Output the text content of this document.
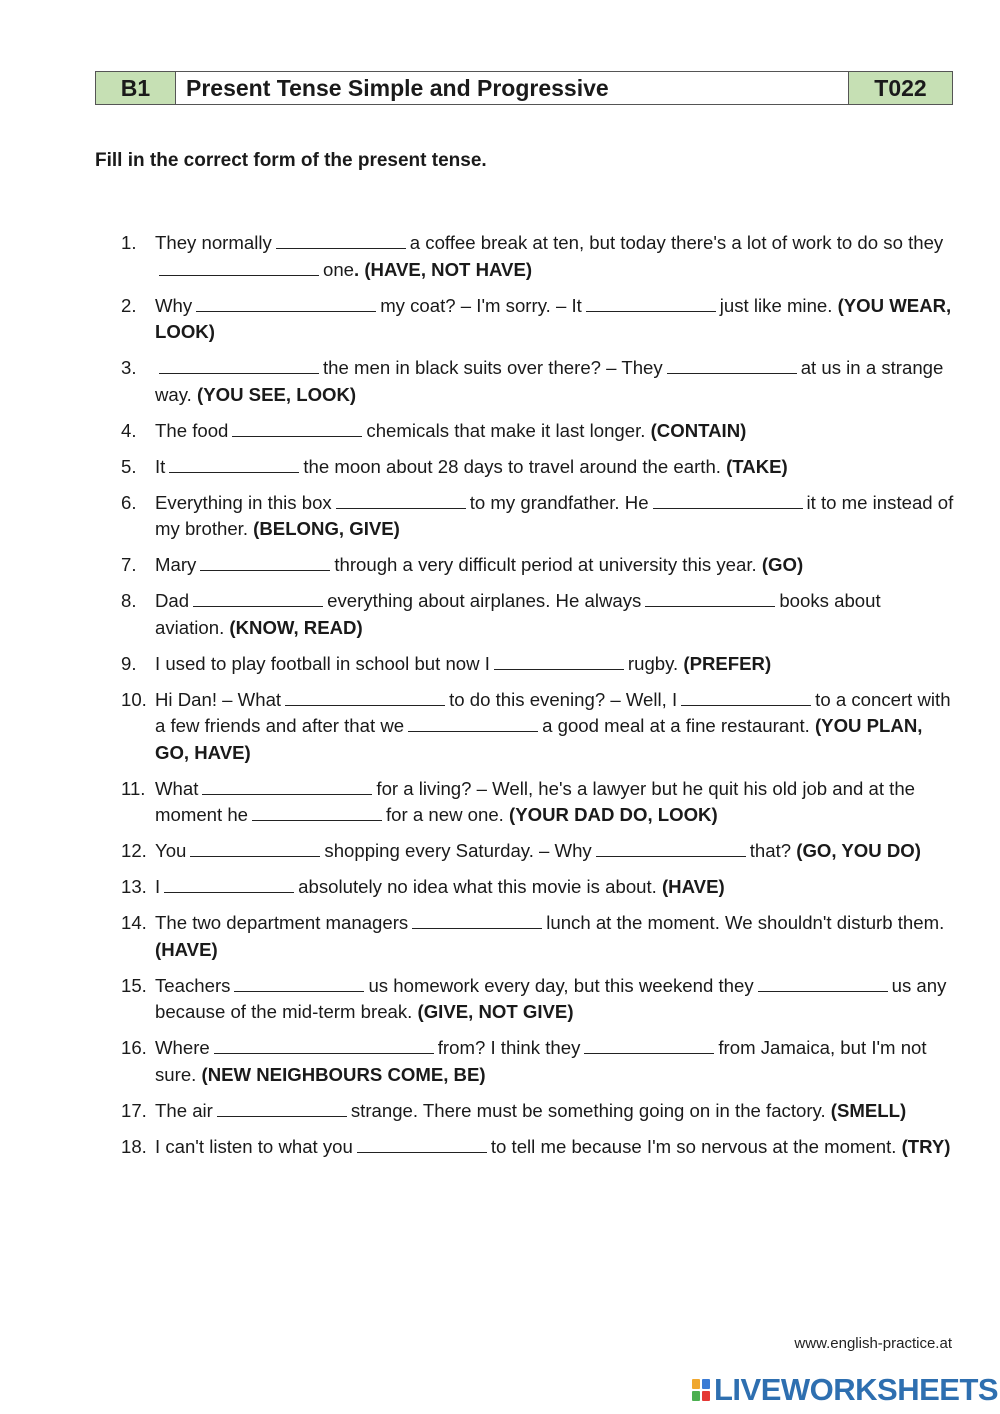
B1	Present Tense Simple and Progressive	T022
Fill in the correct form of the present tense.
1. They normally	a coffee break at ten, but today there's a lot of work to do so theyone. (HAVE, NOT HAVE)
2. Why	my coat? – I'm sorry. – It	just like mine. (YOU WEAR, LOOK)
3.	the men in black suits over there? – They	at us in a strange way. (YOU SEE, LOOK)
4. The food	chemicals that make it last longer. (CONTAIN)
5. It	the moon about 28 days to travel around the earth. (TAKE)
6. Everything in this box	to my grandfather. He	it to me instead of my brother. (BELONG, GIVE)
7. Mary	through a very difficult period at university this year. (GO)
8. Dad	everything about airplanes. He always	books about aviation. (KNOW, READ)
9. I used to play football in school but now I	rugby. (PREFER)
10. Hi Dan! – What	to do this evening? – Well, I	to a concert with a few friends and after that we	a good meal at a fine restaurant. (YOU PLAN, GO, HAVE)
11. What	for a living? – Well, he's a lawyer but he quit his old job and at the moment he	for a new one. (YOUR DAD DO, LOOK)
12. You	shopping every Saturday. – Why	that? (GO, YOU DO)
13. I	absolutely no idea what this movie is about. (HAVE)
14. The two department managers	lunch at the moment. We shouldn't disturb them. (HAVE)
15. Teachers	us homework every day, but this weekend they	us any because of the mid-term break. (GIVE, NOT GIVE)
16. Where	from? I think they	from Jamaica, but I'm not sure. (NEW NEIGHBOURS COME, BE)
17. The air	strange. There must be something going on in the factory. (SMELL)
18. I can't listen to what you	to tell me because I'm so nervous at the moment. (TRY)
www.english-practice.at
LIVEWORKSHEETS
